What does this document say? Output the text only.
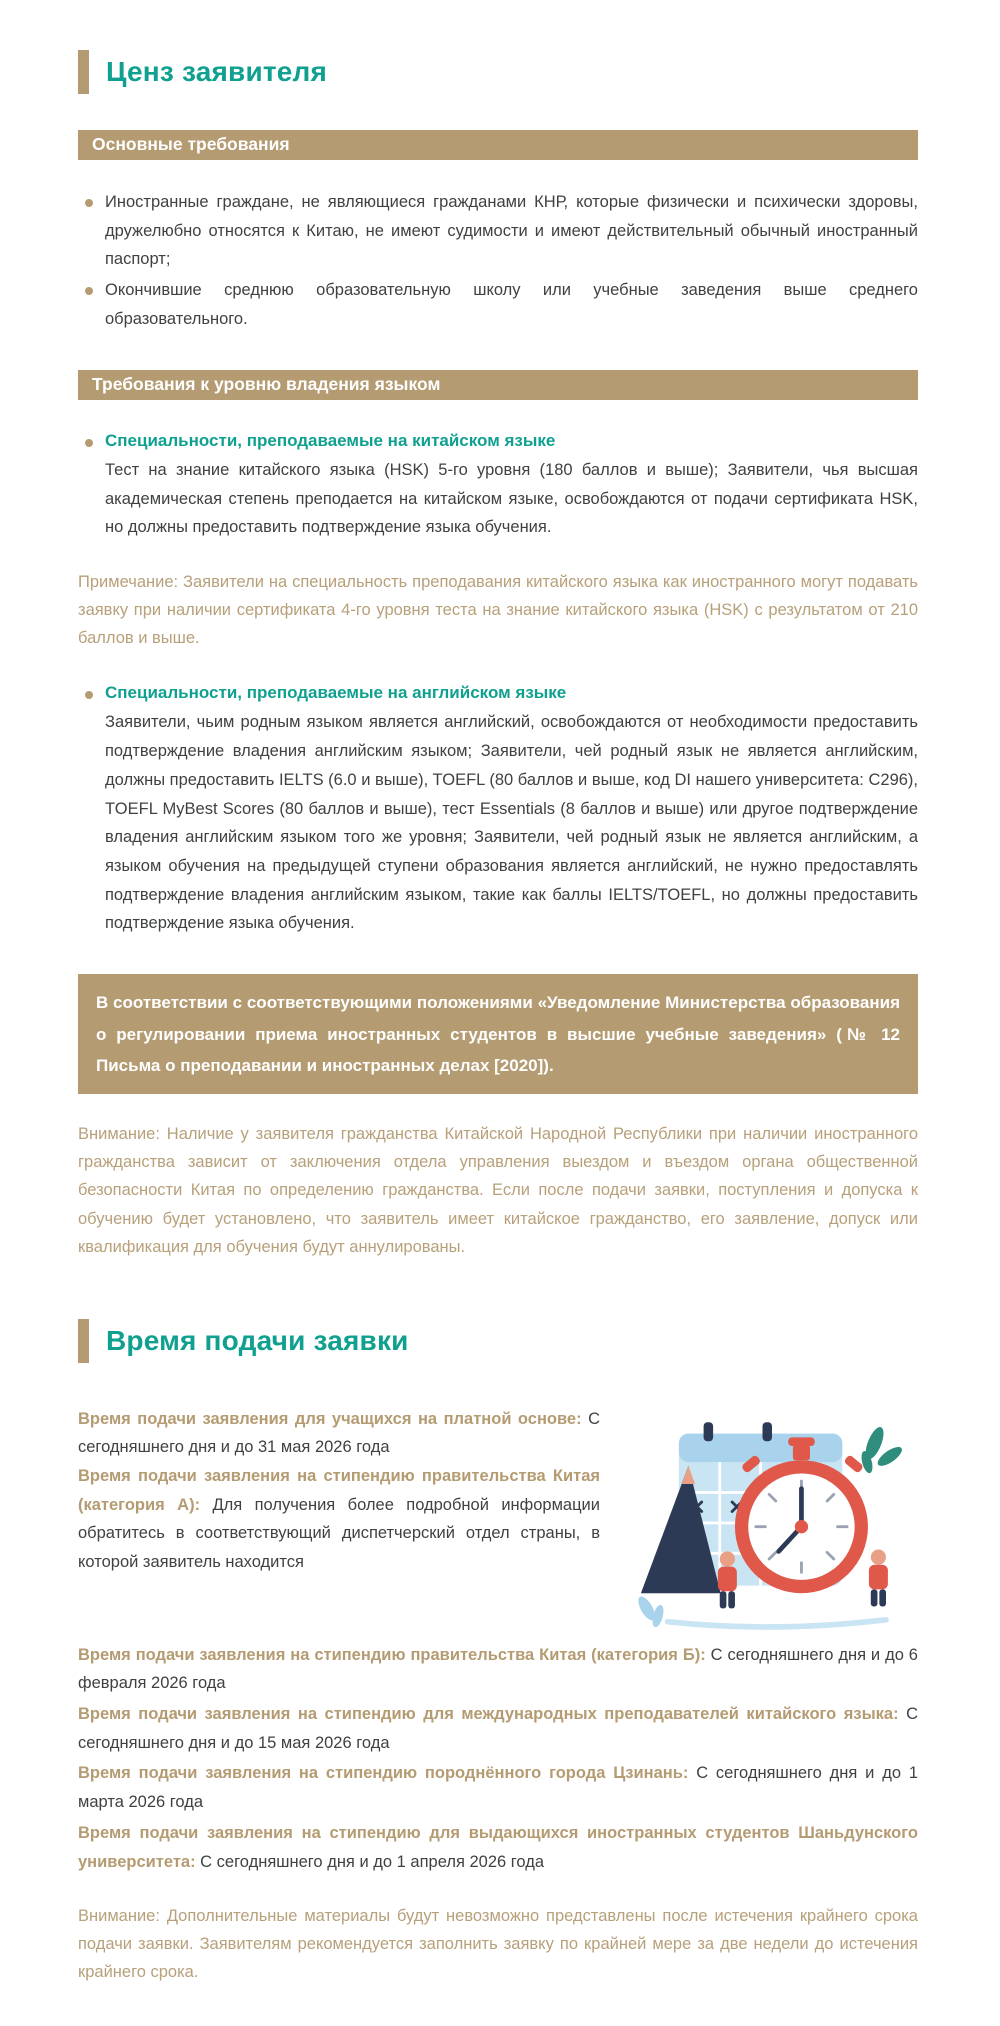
Ценз заявителя
Основные требования
Иностранные граждане, не являющиеся гражданами КНР, которые физически и психически здоровы, дружелюбно относятся к Китаю, не имеют судимости и имеют действительный обычный иностранный паспорт;
Окончившие среднюю образовательную школу или учебные заведения выше среднего образовательного.
Требования к уровню владения языком
Специальности, преподаваемые на китайском языке
Тест на знание китайского языка (HSK) 5-го уровня (180 баллов и выше); Заявители, чья высшая академическая степень преподается на китайском языке, освобождаются от подачи сертификата HSK, но должны предоставить подтверждение языка обучения.

Примечание: Заявители на специальность преподавания китайского языка как иностранного могут подавать заявку при наличии сертификата 4-го уровня теста на знание китайского языка (HSK) с результатом от 210 баллов и выше.

Специальности, преподаваемые на английском языке
Заявители, чьим родным языком является английский, освобождаются от необходимости предоставить подтверждение владения английским языком; Заявители, чей родный язык не является английским, должны предоставить IELTS (6.0 и выше), TOEFL (80 баллов и выше, код DI нашего университета: C296), TOEFL MyBest Scores (80 баллов и выше), тест Essentials (8 баллов и выше) или другое подтверждение владения английским языком того же уровня; Заявители, чей родный язык не является английским, а языком обучения на предыдущей ступени образования является английский, не нужно предоставлять подтверждение владения английским языком, такие как баллы IELTS/TOEFL, но должны предоставить подтверждение языка обучения.
В соответствии с соответствующими положениями «Уведомление Министерства образования о регулировании приема иностранных студентов в высшие учебные заведения» (№ 12 Письма о преподавании и иностранных делах [2020]).

Внимание: Наличие у заявителя гражданства Китайской Народной Республики при наличии иностранного гражданства зависит от заключения отдела управления выездом и въездом органа общественной безопасности Китая по определению гражданства. Если после подачи заявки, поступления и допуска к обучению будет установлено, что заявитель имеет китайское гражданство, его заявление, допуск или квалификация для обучения будут аннулированы.

Время подачи заявки

Время подачи заявления для учащихся на платной основе: С сегодняшнего дня и до 31 мая 2026 года

Время подачи заявления на стипендию правительства Китая (категория А): Для получения более подробной информации обратитесь в соответствующий диспетчерский отдел страны, в которой заявитель находится

Время подачи заявления на стипендию правительства Китая (категория Б): С сегодняшнего дня и до 6 февраля 2026 года

Время подачи заявления на стипендию для международных преподавателей китайского языка: С сегодняшнего дня и до 15 мая 2026 года

Время подачи заявления на стипендию породнённого города Цзинань: С сегодняшнего дня и до 1 марта 2026 года

Время подачи заявления на стипендию для выдающихся иностранных студентов Шаньдунского университета: С сегодняшнего дня и до 1 апреля 2026 года

Внимание: Дополнительные материалы будут невозможно представлены после истечения крайнего срока подачи заявки. Заявителям рекомендуется заполнить заявку по крайней мере за две недели до истечения крайнего срока.
